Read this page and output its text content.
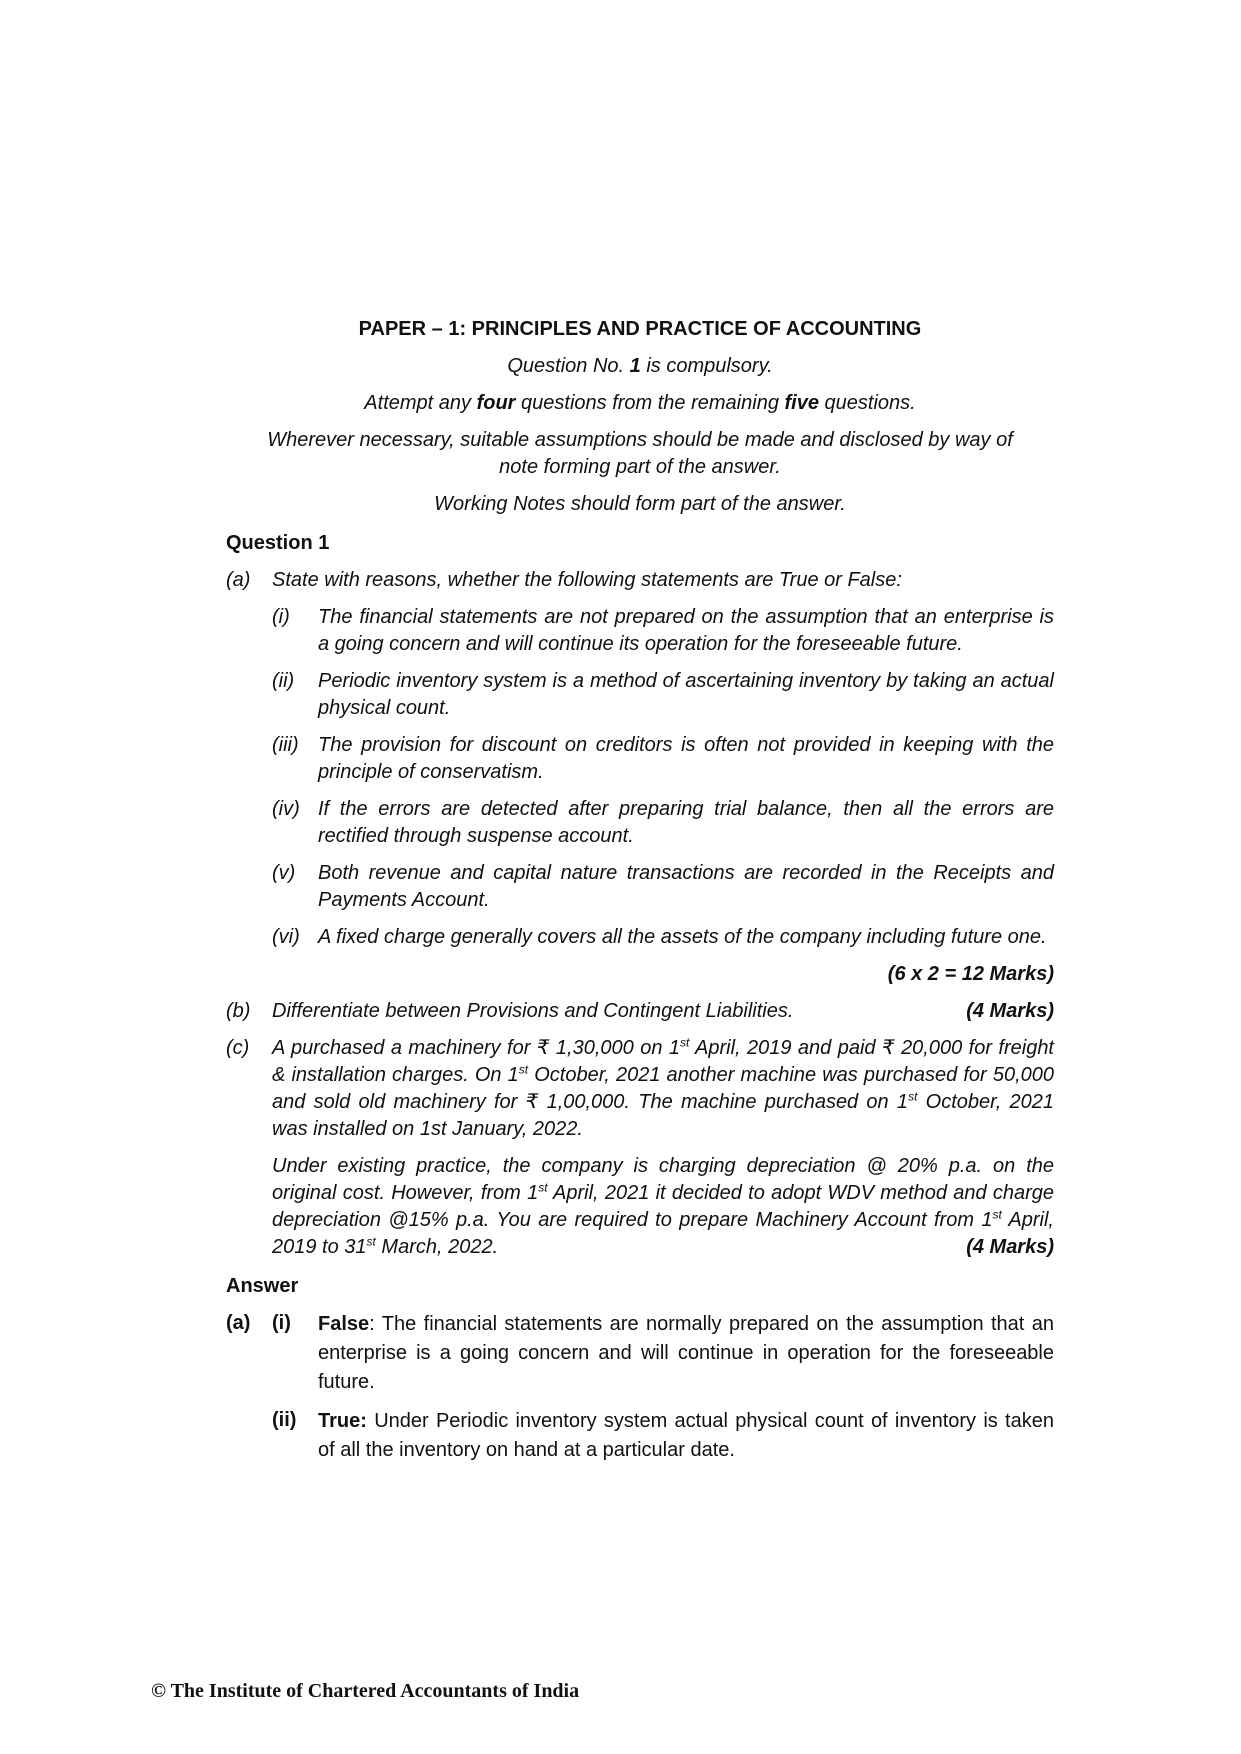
PAPER – 1: PRINCIPLES AND PRACTICE OF ACCOUNTING
Question No. 1 is compulsory.
Attempt any four questions from the remaining five questions.
Wherever necessary, suitable assumptions should be made and disclosed by way of note forming part of the answer.
Working Notes should form part of the answer.
Question 1
(a)	State with reasons, whether the following statements are True or False:
(i)	The financial statements are not prepared on the assumption that an enterprise is a going concern and will continue its operation for the foreseeable future.
(ii)	Periodic inventory system is a method of ascertaining inventory by taking an actual physical count.
(iii) The provision for discount on creditors is often not provided in keeping with the principle of conservatism.
(iv) If the errors are detected after preparing trial balance, then all the errors are rectified through suspense account.
(v)	Both revenue and capital nature transactions are recorded in the Receipts and Payments Account.
(vi) A fixed charge generally covers all the assets of the company including future one.
(6 x 2 = 12 Marks)
(b)	(4 Marks)
Differentiate between Provisions and Contingent Liabilities.
(c)	A purchased a machinery for ₹ 1,30,000 on 1st April, 2019 and paid ₹ 20,000 for freight & installation charges. On 1st October, 2021 another machine was purchased for 50,000 and sold old machinery for ₹ 1,00,000. The machine purchased on 1st October, 2021 was installed on 1st January, 2022.
Under existing practice, the company is charging depreciation @ 20% p.a. on the original cost. However, from 1st April, 2021 it decided to adopt WDV method and charge depreciation @15% p.a. You are required to prepare Machinery Account from 1st April, 2019 to 31st March, 2022.	(4 Marks)
Answer
(a)	(i)	False: The financial statements are normally prepared on the assumption that an enterprise is a going concern and will continue in operation for the foreseeable future.
(ii)	True: Under Periodic inventory system actual physical count of inventory is taken of all the inventory on hand at a particular date.
© The Institute of Chartered Accountants of India
